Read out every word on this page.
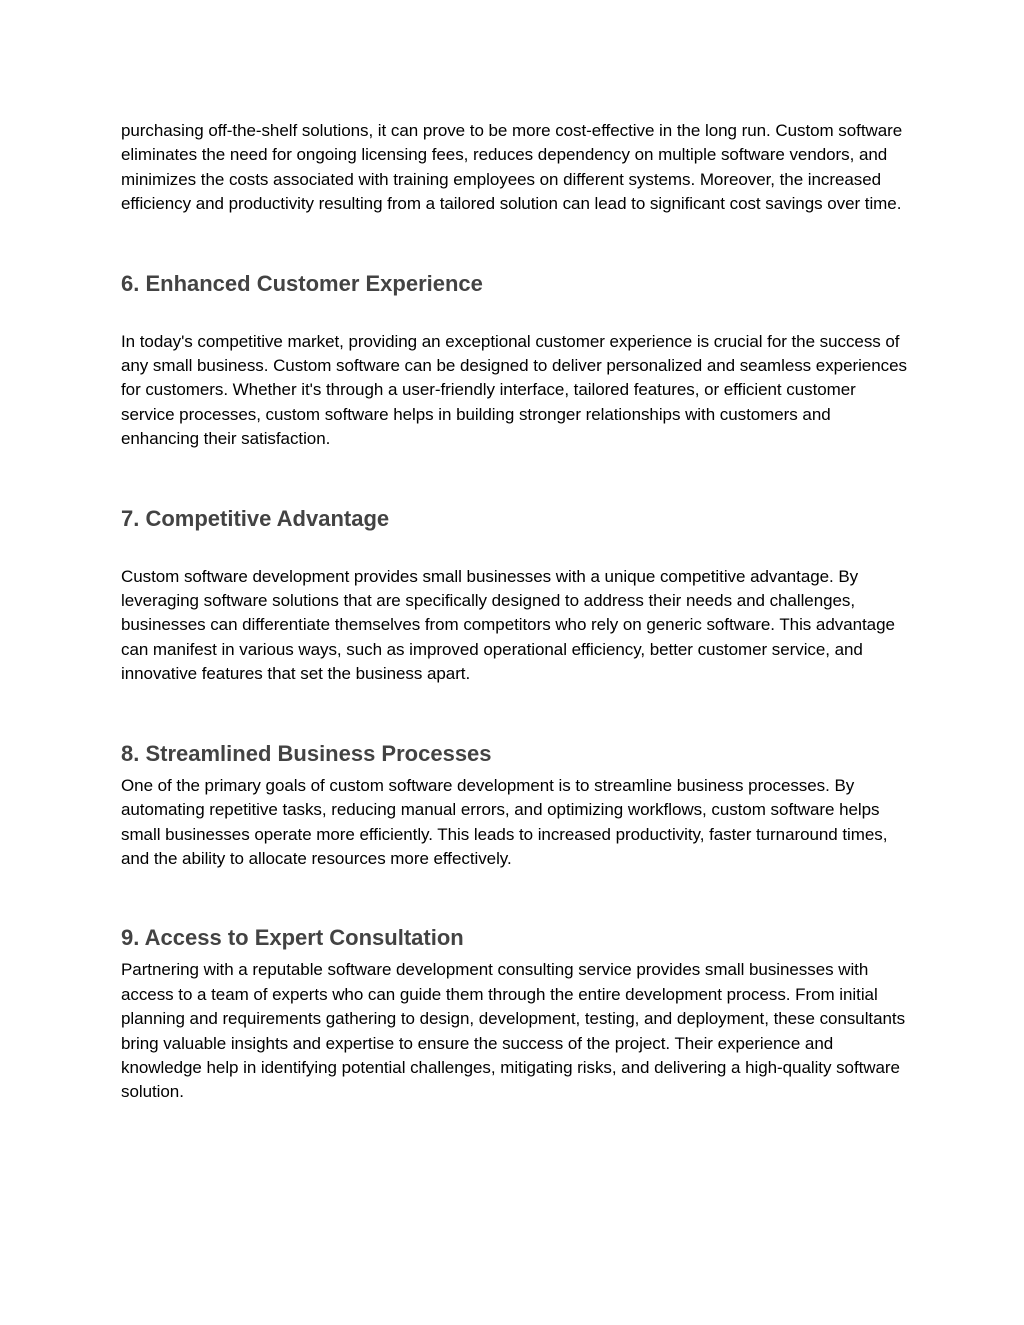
purchasing off-the-shelf solutions, it can prove to be more cost-effective in the long run. Custom software eliminates the need for ongoing licensing fees, reduces dependency on multiple software vendors, and minimizes the costs associated with training employees on different systems. Moreover, the increased efficiency and productivity resulting from a tailored solution can lead to significant cost savings over time.

6. Enhanced Customer Experience

In today's competitive market, providing an exceptional customer experience is crucial for the success of any small business. Custom software can be designed to deliver personalized and seamless experiences for customers. Whether it's through a user-friendly interface, tailored features, or efficient customer service processes, custom software helps in building stronger relationships with customers and enhancing their satisfaction.

7. Competitive Advantage

Custom software development provides small businesses with a unique competitive advantage. By leveraging software solutions that are specifically designed to address their needs and challenges, businesses can differentiate themselves from competitors who rely on generic software. This advantage can manifest in various ways, such as improved operational efficiency, better customer service, and innovative features that set the business apart.

8. Streamlined Business Processes

One of the primary goals of custom software development is to streamline business processes. By automating repetitive tasks, reducing manual errors, and optimizing workflows, custom software helps small businesses operate more efficiently. This leads to increased productivity, faster turnaround times, and the ability to allocate resources more effectively.

9. Access to Expert Consultation

Partnering with a reputable software development consulting service provides small businesses with access to a team of experts who can guide them through the entire development process. From initial planning and requirements gathering to design, development, testing, and deployment, these consultants bring valuable insights and expertise to ensure the success of the project. Their experience and knowledge help in identifying potential challenges, mitigating risks, and delivering a high-quality software solution.
